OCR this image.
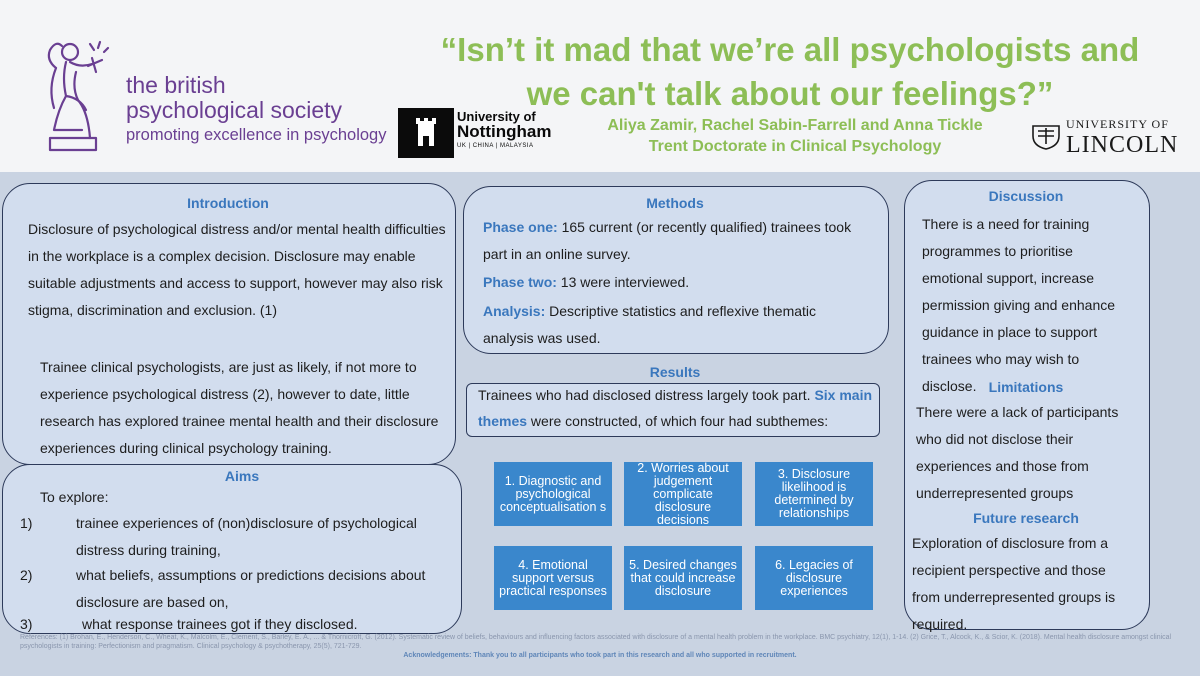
the british
psychological society
promoting excellence in psychology
“Isn’t it mad that we’re all psychologists and
we can't talk about our feelings?”
University of
Nottingham
UK | CHINA | MALAYSIA
Aliya Zamir, Rachel Sabin-Farrell and Anna Tickle
Trent Doctorate in Clinical Psychology
UNIVERSITY OF
LINCOLN
Introduction
Disclosure of psychological distress and/or mental health difficulties in the workplace is a complex decision. Disclosure may enable suitable adjustments and access to support, however may also risk stigma, discrimination and exclusion. (1)
Trainee clinical psychologists, are just as likely, if not more to experience psychological distress (2), however to date, little research has explored trainee mental health and their disclosure experiences during clinical psychology training.
Aims
To explore:
1)	trainee experiences of (non)disclosure of psychological distress during training,
2)	what beliefs, assumptions or predictions decisions about disclosure are based on,
3)	what response trainees got if they disclosed.
Methods
Phase one: 165 current (or recently qualified) trainees took part in an online survey.
Phase two: 13 were interviewed.
Analysis: Descriptive statistics and reflexive thematic analysis was used.
Results
Trainees who had disclosed distress largely took part. Six main themes were constructed, of which four had subthemes:
1. Diagnostic and psychological conceptualisation s
2. Worries about judgement complicate disclosure decisions
3. Disclosure likelihood is determined by relationships
4. Emotional support versus practical responses
5. Desired changes that could increase disclosure
6. Legacies of disclosure experiences
Discussion
There is a need for training programmes to prioritise emotional support, increase permission giving and enhance guidance in place to support trainees who may wish to disclose. Limitations
There were a lack of participants who did not disclose their experiences and those from underrepresented groups
Future research
Exploration of disclosure from a recipient perspective and those from underrepresented groups is required.
References: (1) Brohan, E., Henderson, C., Wheat, K., Malcolm, E., Clement, S., Barley, E. A., ... & Thornicroft, G. (2012). Systematic review of beliefs, behaviours and influencing factors associated with disclosure of a mental health problem in the workplace. BMC psychiatry, 12(1), 1-14. (2) Grice, T., Alcock, K., & Scior, K. (2018). Mental health disclosure amongst clinical psychologists in training: Perfectionism and pragmatism. Clinical psychology & psychotherapy, 25(5), 721-729.
Acknowledgements: Thank you to all participants who took part in this research and all who supported in recruitment.
